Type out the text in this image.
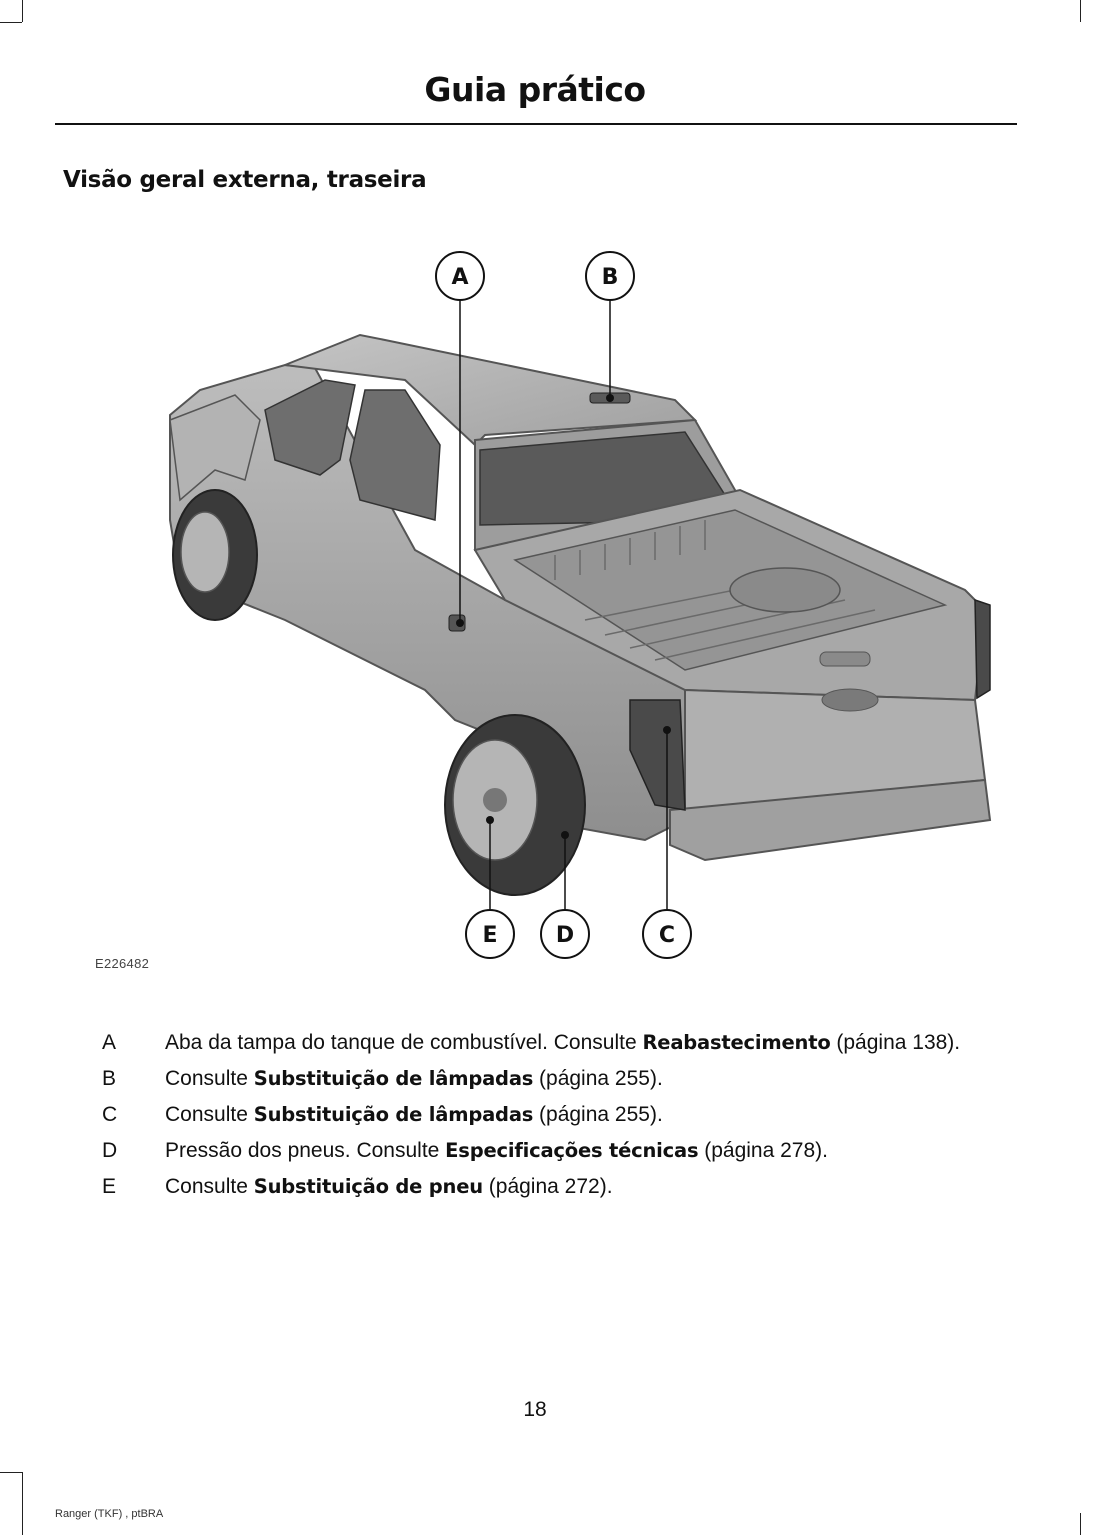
Guia prático
Visão geral externa, traseira
A	B
C
D
E
E226482
A	Aba da tampa do tanque de combustível. Consulte Reabastecimento (página 138).
B	Consulte Substituição de lâmpadas (página 255).
C	Consulte Substituição de lâmpadas (página 255).
D	Pressão dos pneus. Consulte Especificações técnicas (página 278).
E	Consulte Substituição de pneu (página 272).
18
Ranger (TKF) , ptBRA
